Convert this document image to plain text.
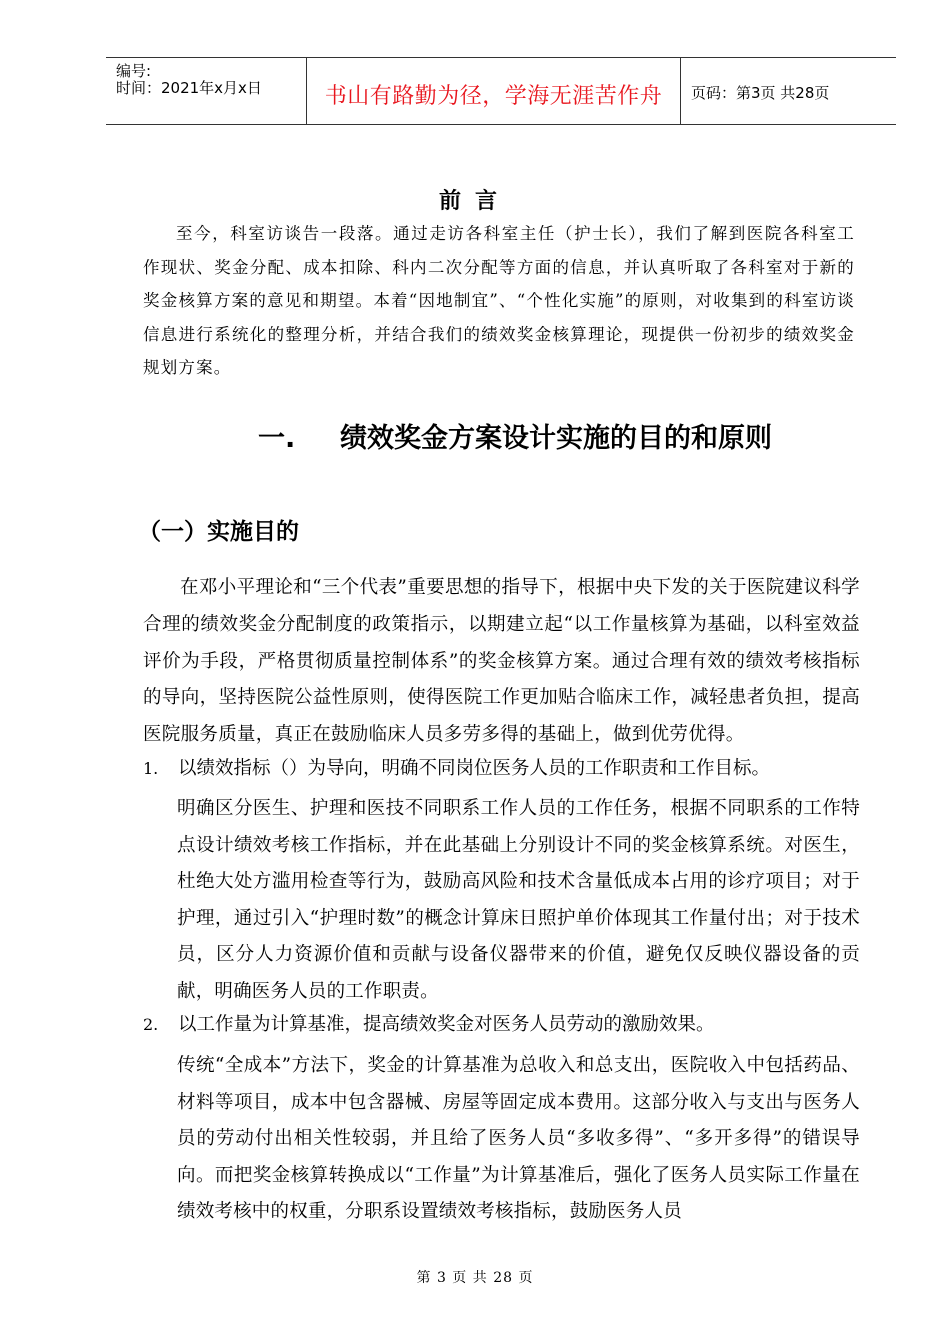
编号:
时间：2021年x月x日	书山有路勤为径，学海无涯苦作舟	页码：第3页 共28页
前言
至今，科室访谈告一段落。通过走访各科室主任（护士长），我们了解到医院各科室工作现状、奖金分配、成本扣除、科内二次分配等方面的信息，并认真听取了各科室对于新的奖金核算方案的意见和期望。本着“因地制宜”、“个性化实施”的原则，对收集到的科室访谈信息进行系统化的整理分析，并结合我们的绩效奖金核算理论，现提供一份初步的绩效奖金规划方案。
一. 绩效奖金方案设计实施的目的和原则
（一）实施目的
在邓小平理论和“三个代表”重要思想的指导下，根据中央下发的关于医院建议科学合理的绩效奖金分配制度的政策指示，以期建立起“以工作量核算为基础，以科室效益评价为手段，严格贯彻质量控制体系”的奖金核算方案。通过合理有效的绩效考核指标的导向，坚持医院公益性原则，使得医院工作更加贴合临床工作，减轻患者负担，提高医院服务质量，真正在鼓励临床人员多劳多得的基础上，做到优劳优得。
1. 以绩效指标（）为导向，明确不同岗位医务人员的工作职责和工作目标。
明确区分医生、护理和医技不同职系工作人员的工作任务，根据不同职系的工作特点设计绩效考核工作指标，并在此基础上分别设计不同的奖金核算系统。对医生，杜绝大处方滥用检查等行为，鼓励高风险和技术含量低成本占用的诊疗项目；对于护理，通过引入“护理时数”的概念计算床日照护单价体现其工作量付出；对于技术员，区分人力资源价值和贡献与设备仪器带来的价值，避免仅反映仪器设备的贡献，明确医务人员的工作职责。
2. 以工作量为计算基准，提高绩效奖金对医务人员劳动的激励效果。
传统“全成本”方法下，奖金的计算基准为总收入和总支出，医院收入中包括药品、材料等项目，成本中包含器械、房屋等固定成本费用。这部分收入与支出与医务人员的劳动付出相关性较弱，并且给了医务人员“多收多得”、“多开多得”的错误导向。而把奖金核算转换成以“工作量”为计算基准后，强化了医务人员实际工作量在绩效考核中的权重，分职系设置绩效考核指标，鼓励医务人员
第 3 页 共 28 页
